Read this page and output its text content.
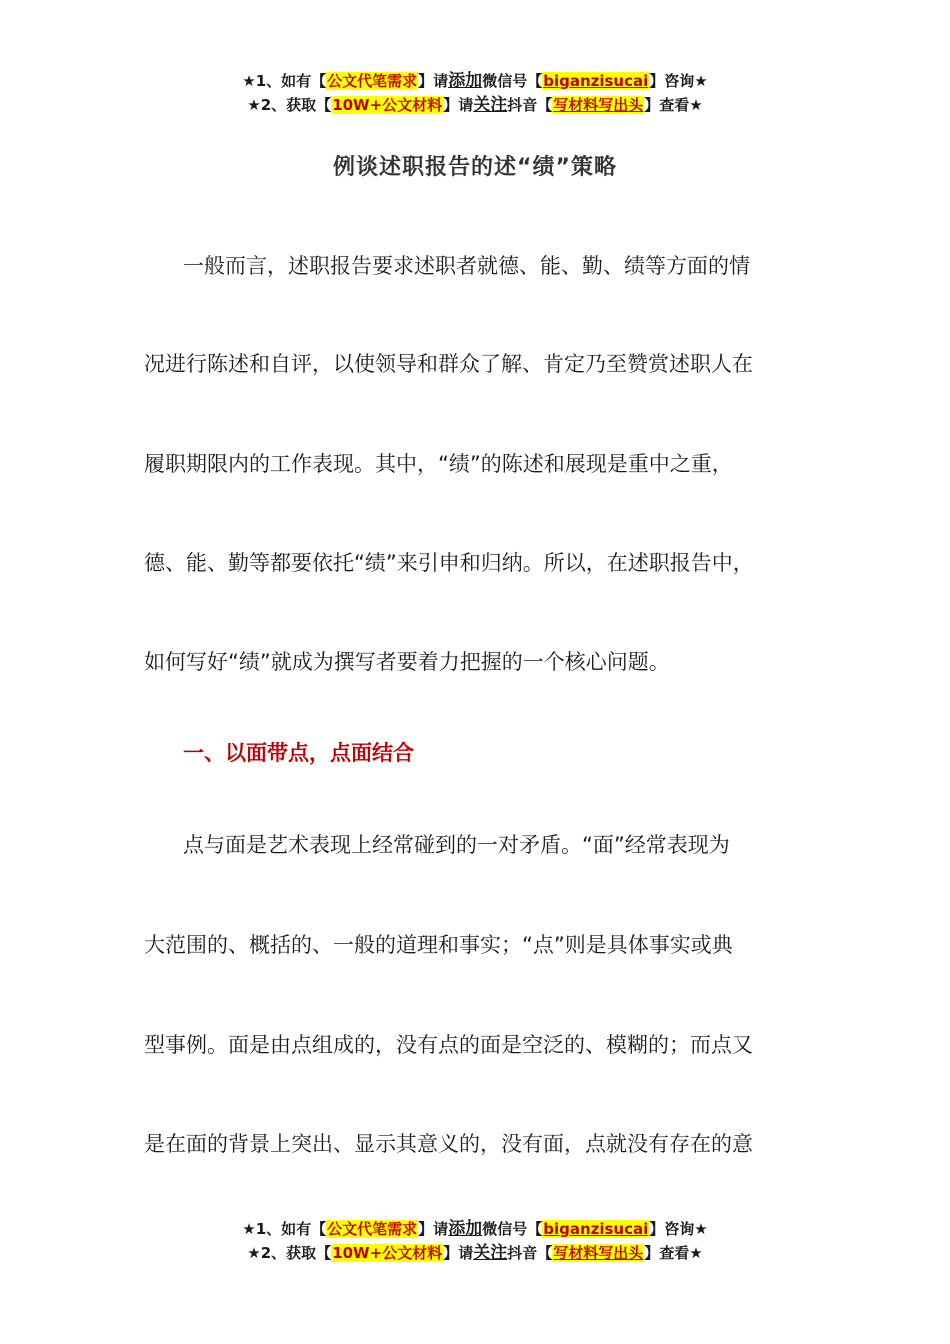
★1、如有【公文代笔需求】请添加微信号【biganzisucai】咨询★
★2、获取【10W+公文材料】请关注抖音【写材料写出头】查看★
例谈述职报告的述“绩”策略
一般而言，述职报告要求述职者就德、能、勤、绩等方面的情
况进行陈述和自评，以使领导和群众了解、肯定乃至赞赏述职人在
履职期限内的工作表现。其中，“绩”的陈述和展现是重中之重，
德、能、勤等都要依托“绩”来引申和归纳。所以，在述职报告中，
如何写好“绩”就成为撰写者要着力把握的一个核心问题。
一、以面带点，点面结合
点与面是艺术表现上经常碰到的一对矛盾。“面”经常表现为
大范围的、概括的、一般的道理和事实；“点”则是具体事实或典
型事例。面是由点组成的，没有点的面是空泛的、模糊的；而点又
是在面的背景上突出、显示其意义的，没有面，点就没有存在的意
★1、如有【公文代笔需求】请添加微信号【biganzisucai】咨询★
★2、获取【10W+公文材料】请关注抖音【写材料写出头】查看★
